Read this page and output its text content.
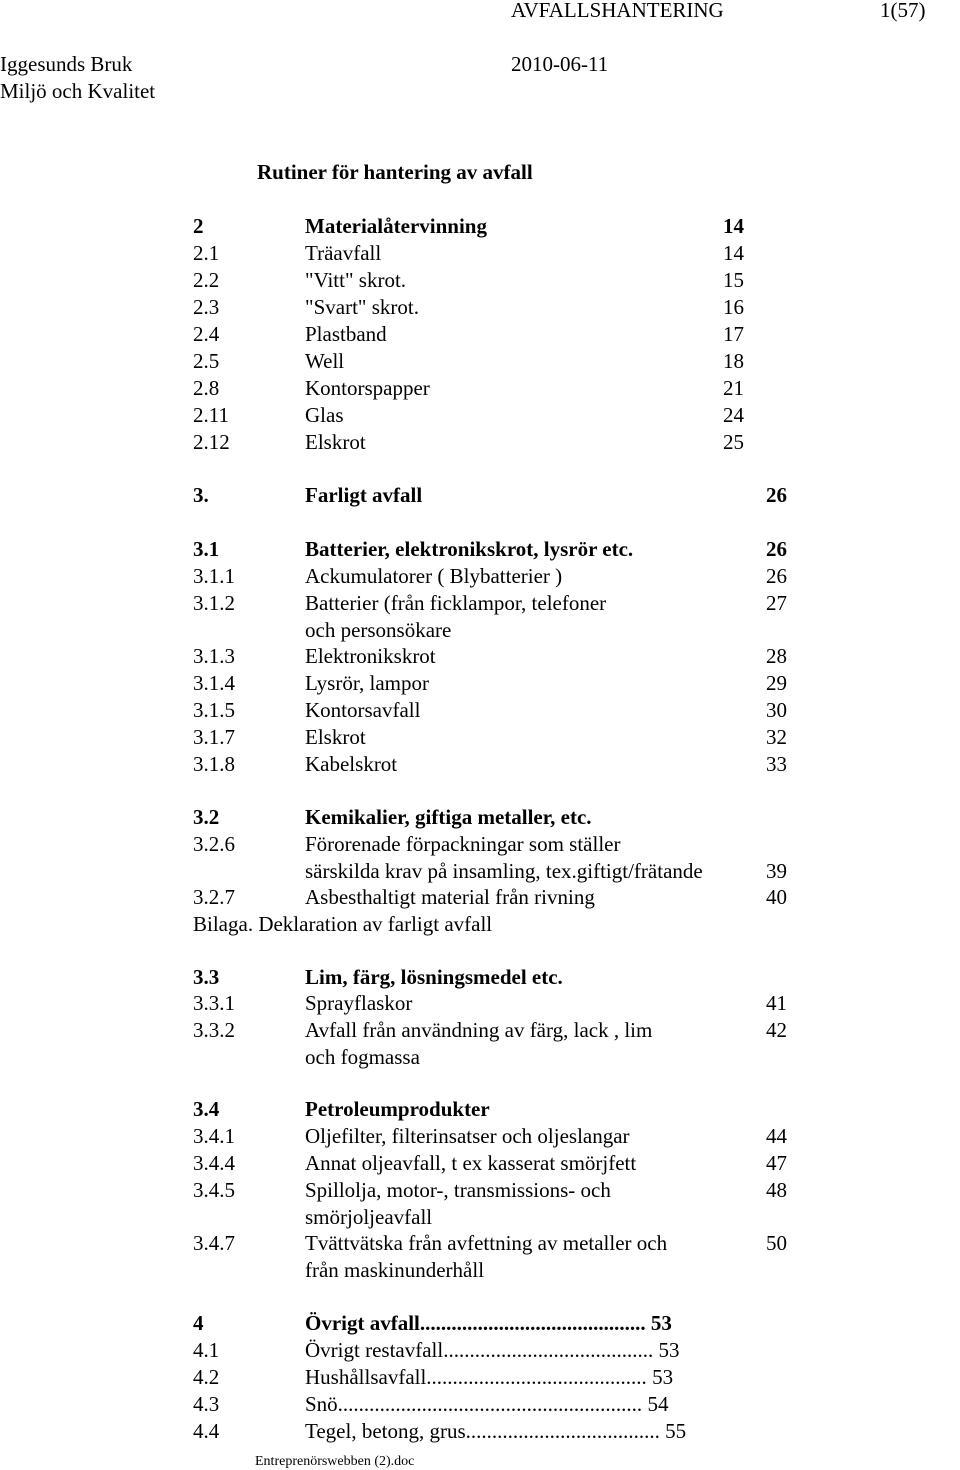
AVFALLSHANTERING	1(57)
Iggesunds Bruk	2010-06-11
Miljö och Kvalitet
Rutiner för hantering av avfall
2	Materialåtervinning	14
2.1	Träavfall	14
2.2	"Vitt" skrot.	15
2.3	"Svart" skrot.	16
2.4	Plastband	17
2.5	Well	18
2.8	Kontorspapper	21
2.11	Glas	24
2.12	Elskrot	25
3.	Farligt avfall	26
3.1	Batterier, elektronikskrot, lysrör etc.	26
3.1.1	Ackumulatorer ( Blybatterier )	26
3.1.2	Batterier (från ficklampor, telefoner	27
och personsökare
3.1.3	Elektronikskrot	28
3.1.4	Lysrör, lampor	29
3.1.5	Kontorsavfall	30
3.1.7	Elskrot	32
3.1.8	Kabelskrot	33
3.2	Kemikalier, giftiga metaller, etc.
3.2.6	Förorenade förpackningar som ställer
särskilda krav på insamling, tex.giftigt/frätande	39
3.2.7	Asbesthaltigt material från rivning	40
Bilaga. Deklaration av farligt avfall
3.3	Lim, färg, lösningsmedel etc.
3.3.1	Sprayflaskor	41
3.3.2	Avfall från användning av färg, lack , lim	42
och fogmassa
3.4	Petroleumprodukter
3.4.1	Oljefilter, filterinsatser och oljeslangar	44
3.4.4	Annat oljeavfall, t ex kasserat smörjfett	47
3.4.5	Spillolja, motor-, transmissions- och	48
smörjoljeavfall
3.4.7	Tvättvätska från avfettning av metaller och	50
från maskinunderhåll
4	Övrigt avfall........................................... 53
4.1	Övrigt restavfall........................................ 53
4.2	Hushållsavfall.......................................... 53
4.3	Snö.......................................................... 54
4.4	Tegel, betong, grus..................................... 55
Entreprenörswebben (2).doc
